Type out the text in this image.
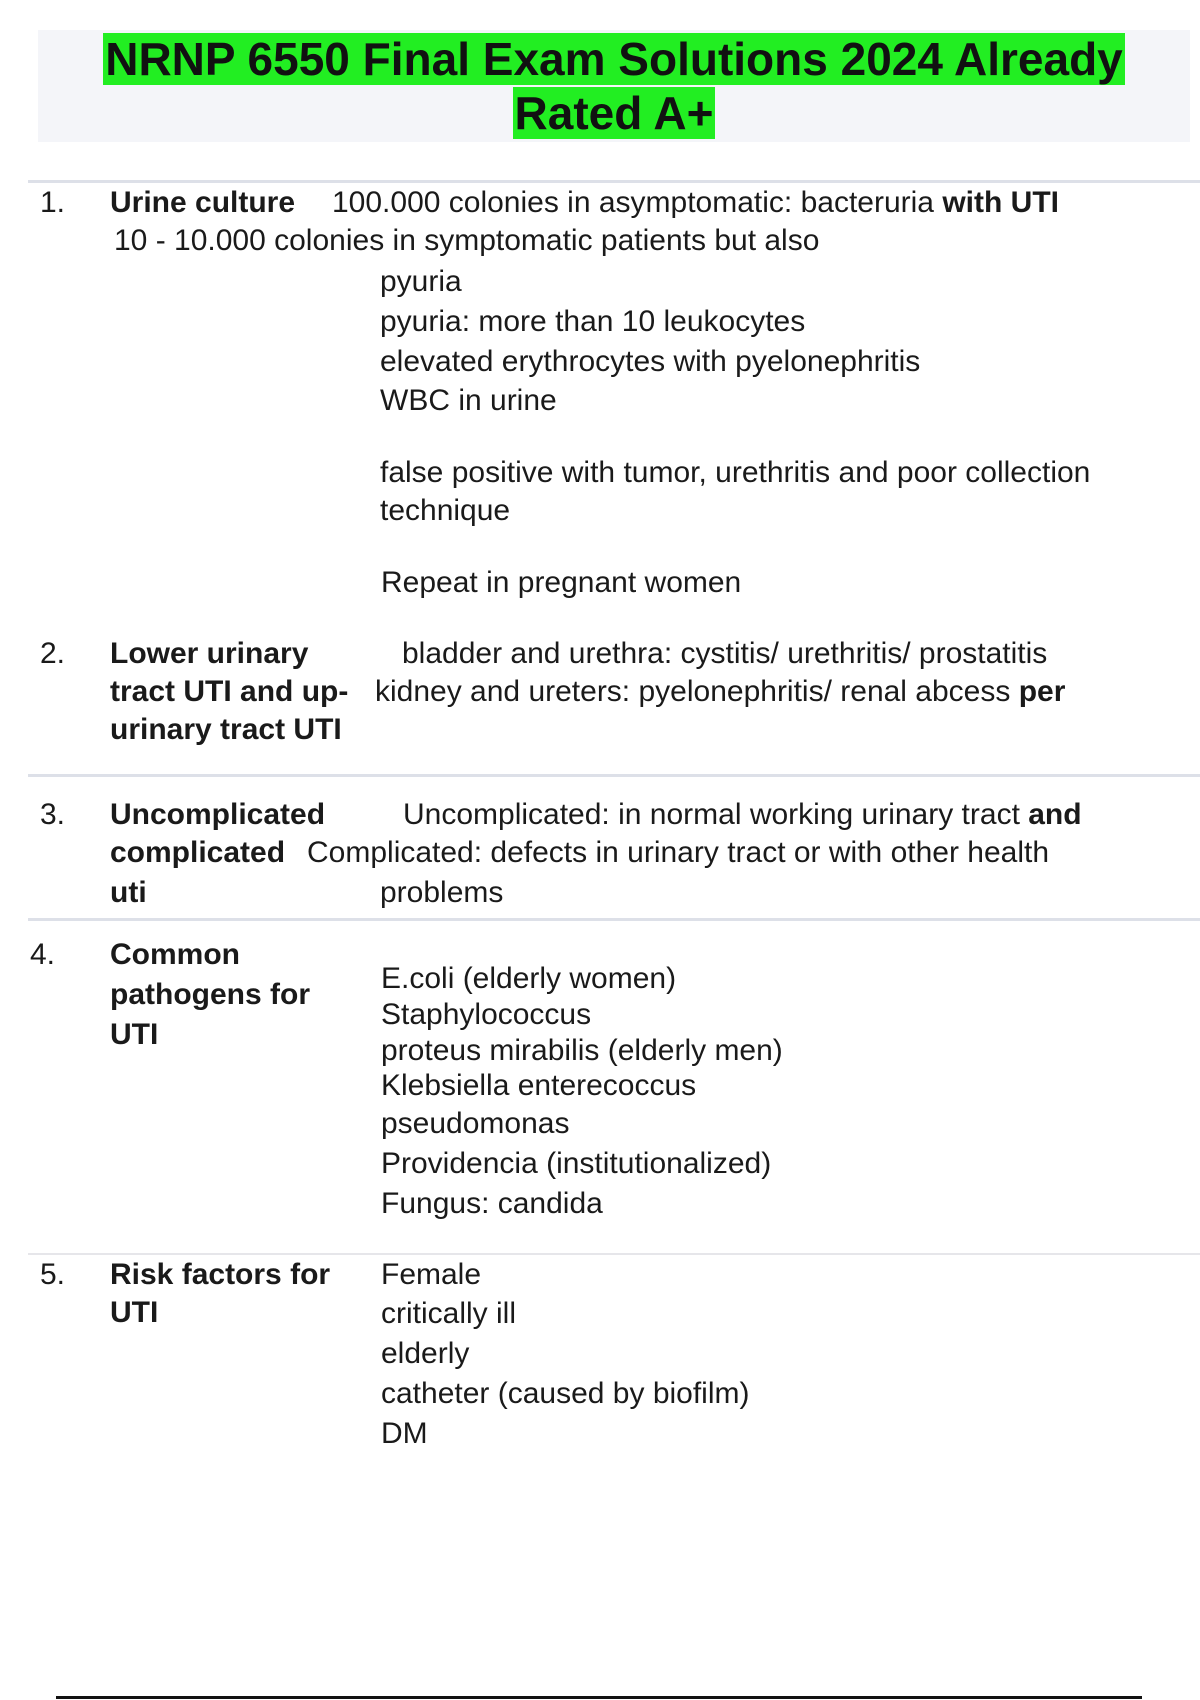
NRNP 6550 Final Exam Solutions 2024 Already
Rated A+
1. Urine culture 100.000 colonies in asymptomatic: bacteruria with UTI
10 - 10.000 colonies in symptomatic patients but also
pyuria
pyuria: more than 10 leukocytes
elevated erythrocytes with pyelonephritis
WBC in urine
false positive with tumor, urethritis and poor collection
technique
Repeat in pregnant women
2. Lower urinary
tract UTI and up-
urinary tract UTI
bladder and urethra: cystitis/ urethritis/ prostatitis
kidney and ureters: pyelonephritis/ renal abcess per
3. Uncomplicated
complicated
uti
Uncomplicated: in normal working urinary tract and
Complicated: defects in urinary tract or with other health
problems
4. Common
pathogens for
UTI
E.coli (elderly women)
Staphylococcus
proteus mirabilis (elderly men)
Klebsiella enterecoccus
pseudomonas
Providencia (institutionalized)
Fungus: candida
5. Risk factors for
UTI
Female
critically ill
elderly
catheter (caused by biofilm)
DM
